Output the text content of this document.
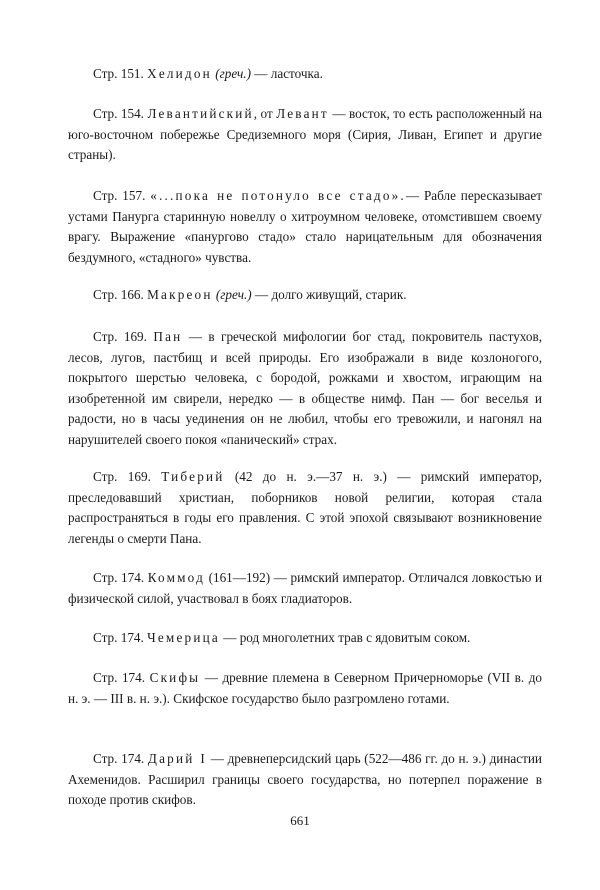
Стр. 151. Хелидон (греч.) — ласточка.

Стр. 154. Левантийский, от Левант — восток, то есть расположенный на юго-восточном побережье Средиземного моря (Сирия, Ливан, Египет и другие страны).

Стр. 157. «...пока не потонуло все стадо».— Рабле пересказывает устами Панурга старинную новеллу о хитроумном человеке, отомстившем своему врагу. Выражение «панургово стадо» стало нарицательным для обозначения бездумного, «стадного» чувства.

Стр. 166. Макреон (греч.) — долго живущий, старик.

Стр. 169. Пан — в греческой мифологии бог стад, покровитель пастухов, лесов, лугов, пастбищ и всей природы. Его изображали в виде козлоногого, покрытого шерстью человека, с бородой, рожками и хвостом, играющим на изобретенной им свирели, нередко — в обществе нимф. Пан — бог веселья и радости, но в часы уединения он не любил, чтобы его тревожили, и нагонял на нарушителей своего покоя «панический» страх.

Стр. 169. Тиберий (42 до н. э.—37 н. э.) — римский император, преследовавший христиан, поборников новой религии, которая стала распространяться в годы его правления. С этой эпохой связывают возникновение легенды о смерти Пана.

Стр. 174. Коммод (161—192) — римский император. Отличался ловкостью и физической силой, участвовал в боях гладиаторов.

Стр. 174. Чемерица — род многолетних трав с ядовитым соком.

Стр. 174. Скифы — древние племена в Северном Причерноморье (VII в. до н. э. — III в. н. э.). Скифское государство было разгромлено готами.

Стр. 174. Дарий I — древнеперсидский царь (522—486 гг. до н. э.) династии Ахеменидов. Расширил границы своего государства, но потерпел поражение в походе против скифов.

661
